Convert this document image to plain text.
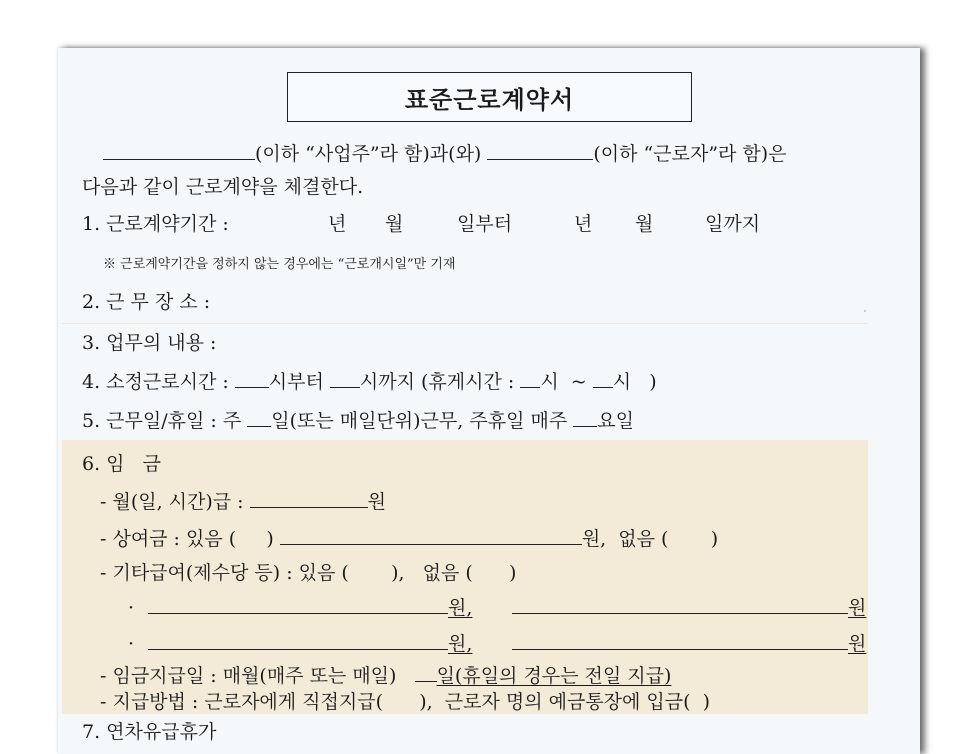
표준근로계약서
(이하 “사업주”라 함)과(와)	(이하 “근로자”라 함)은
다음과 같이 근로계약을 체결한다.
1. 근로계약기간 :	년 월	일부터	년 월	일까지
※ 근로계약기간을 정하지 않는 경우에는 “근로개시일”만 기재
2. 근 무 장 소 :
3. 업무의 내용 :
4. 소정근로시간 : 시부터 시까지 (휴게시간 : 시  ~ 시   )
5. 근무일/휴일 : 주 일(또는 매일단위)근무, 주휴일 매주 요일
6. 임   금
- 월(일, 시간)급 :	원
- 상여금 : 있음 (     )	원,  없음 (       )
- 기타급여(제수당 등) : 있음 (       ),   없음 (      )
·	원,	원
·	원,	원
- 임금지급일 : 매월(매주 또는 매일) 일(휴일의 경우는 전일 지급)
- 지급방법 : 근로자에게 직접지급(      ),  근로자 명의 예금통장에 입금(  )
7. 연차유급휴가
